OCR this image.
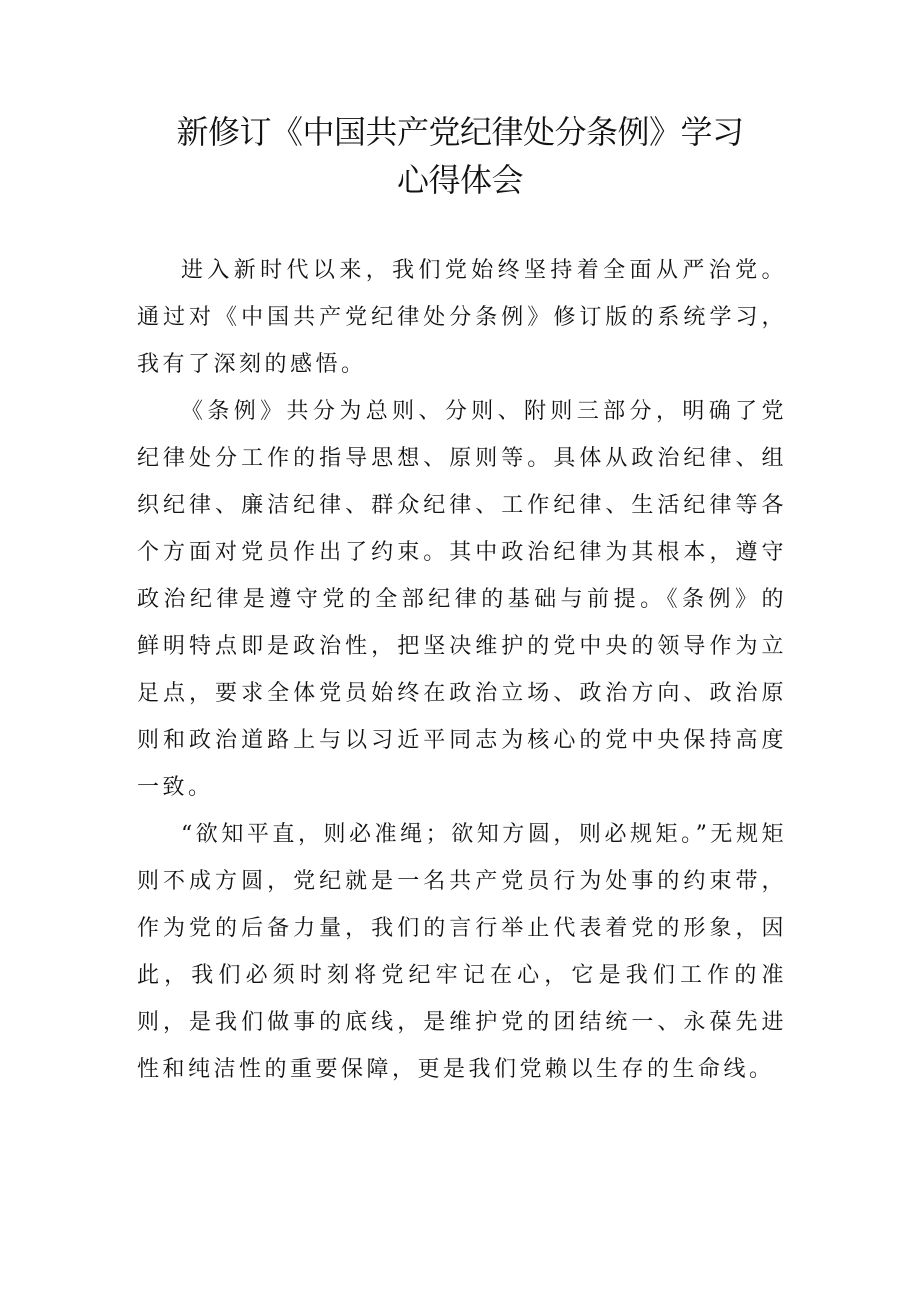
新修订《中国共产党纪律处分条例》学习
心得体会

进入新时代以来，我们党始终坚持着全面从严治党。通过对《中国共产党纪律处分条例》修订版的系统学习，我有了深刻的感悟。

《条例》共分为总则、分则、附则三部分，明确了党纪律处分工作的指导思想、原则等。具体从政治纪律、组织纪律、廉洁纪律、群众纪律、工作纪律、生活纪律等各个方面对党员作出了约束。其中政治纪律为其根本，遵守政治纪律是遵守党的全部纪律的基础与前提。《条例》的鲜明特点即是政治性，把坚决维护的党中央的领导作为立足点，要求全体党员始终在政治立场、政治方向、政治原则和政治道路上与以习近平同志为核心的党中央保持高度一致。

“欲知平直，则必准绳；欲知方圆，则必规矩。”无规矩则不成方圆，党纪就是一名共产党员行为处事的约束带，作为党的后备力量，我们的言行举止代表着党的形象，因此，我们必须时刻将党纪牢记在心，它是我们工作的准则，是我们做事的底线，是维护党的团结统一、永葆先进性和纯洁性的重要保障，更是我们党赖以生存的生命线。
